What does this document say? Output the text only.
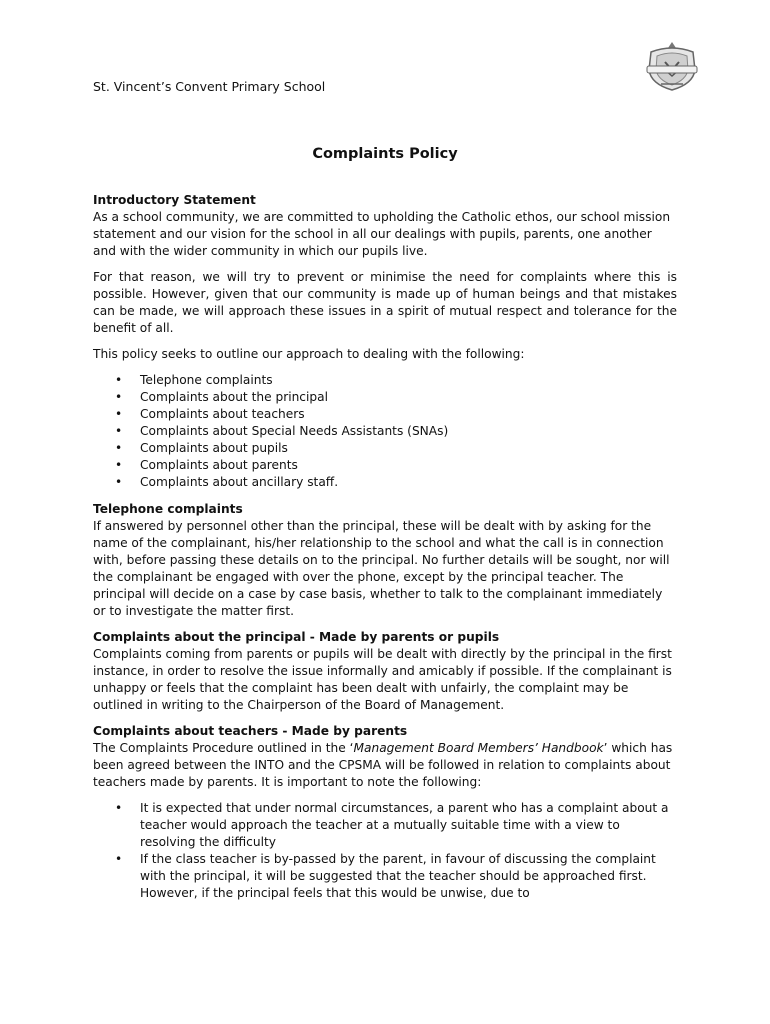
St. Vincent’s Convent Primary School
Complaints Policy
Introductory Statement

As a school community, we are committed to upholding the Catholic ethos, our school mission statement and our vision for the school in all our dealings with pupils, parents, one another and with the wider community in which our pupils live.

For that reason, we will try to prevent or minimise the need for complaints where this is possible. However, given that our community is made up of human beings and that mistakes can be made, we will approach these issues in a spirit of mutual respect and tolerance for the benefit of all.

This policy seeks to outline our approach to dealing with the following:

• Telephone complaints
• Complaints about the principal
• Complaints about teachers
• Complaints about Special Needs Assistants (SNAs)
• Complaints about pupils
• Complaints about parents
• Complaints about ancillary staff.
Telephone complaints

If answered by personnel other than the principal, these will be dealt with by asking for the name of the complainant, his/her relationship to the school and what the call is in connection with, before passing these details on to the principal. No further details will be sought, nor will the complainant be engaged with over the phone, except by the principal teacher. The principal will decide on a case by case basis, whether to talk to the complainant immediately or to investigate the matter first.

Complaints about the principal - Made by parents or pupils

Complaints coming from parents or pupils will be dealt with directly by the principal in the first instance, in order to resolve the issue informally and amicably if possible. If the complainant is unhappy or feels that the complaint has been dealt with unfairly, the complaint may be outlined in writing to the Chairperson of the Board of Management.

Complaints about teachers - Made by parents

The Complaints Procedure outlined in the ‘Management Board Members’ Handbook’ which has been agreed between the INTO and the CPSMA will be followed in relation to complaints about teachers made by parents. It is important to note the following:

• It is expected that under normal circumstances, a parent who has a complaint about a teacher would approach the teacher at a mutually suitable time with a view to resolving the difficulty
• If the class teacher is by-passed by the parent, in favour of discussing the complaint with the principal, it will be suggested that the teacher should be approached first. However, if the principal feels that this would be unwise, due to
